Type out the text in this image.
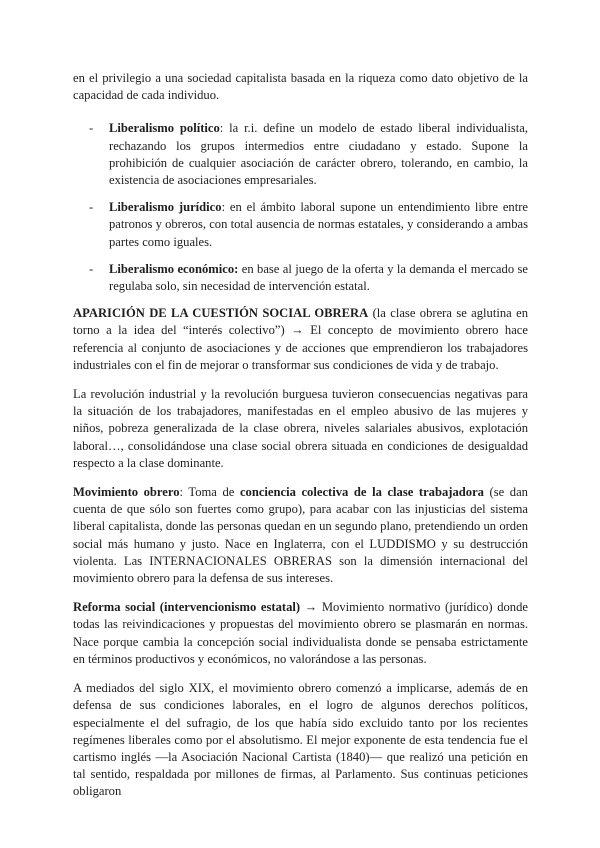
en el privilegio a una sociedad capitalista basada en la riqueza como dato objetivo de la capacidad de cada individuo.

- Liberalismo político: la r.i. define un modelo de estado liberal individualista, rechazando los grupos intermedios entre ciudadano y estado. Supone la prohibición de cualquier asociación de carácter obrero, tolerando, en cambio, la existencia de asociaciones empresariales.
- Liberalismo jurídico: en el ámbito laboral supone un entendimiento libre entre patronos y obreros, con total ausencia de normas estatales, y considerando a ambas partes como iguales.
- Liberalismo económico: en base al juego de la oferta y la demanda el mercado se regulaba solo, sin necesidad de intervención estatal.

APARICIÓN DE LA CUESTIÓN SOCIAL OBRERA (la clase obrera se aglutina en torno a la idea del “interés colectivo”) → El concepto de movimiento obrero hace referencia al conjunto de asociaciones y de acciones que emprendieron los trabajadores industriales con el fin de mejorar o transformar sus condiciones de vida y de trabajo.

La revolución industrial y la revolución burguesa tuvieron consecuencias negativas para la situación de los trabajadores, manifestadas en el empleo abusivo de las mujeres y niños, pobreza generalizada de la clase obrera, niveles salariales abusivos, explotación laboral…, consolidándose una clase social obrera situada en condiciones de desigualdad respecto a la clase dominante.

Movimiento obrero: Toma de conciencia colectiva de la clase trabajadora (se dan cuenta de que sólo son fuertes como grupo), para acabar con las injusticias del sistema liberal capitalista, donde las personas quedan en un segundo plano, pretendiendo un orden social más humano y justo. Nace en Inglaterra, con el LUDDISMO y su destrucción violenta. Las INTERNACIONALES OBRERAS son la dimensión internacional del movimiento obrero para la defensa de sus intereses.

Reforma social (intervencionismo estatal) → Movimiento normativo (jurídico) donde todas las reivindicaciones y propuestas del movimiento obrero se plasmarán en normas. Nace porque cambia la concepción social individualista donde se pensaba estrictamente en términos productivos y económicos, no valorándose a las personas.

A mediados del siglo XIX, el movimiento obrero comenzó a implicarse, además de en defensa de sus condiciones laborales, en el logro de algunos derechos políticos, especialmente el del sufragio, de los que había sido excluido tanto por los recientes regímenes liberales como por el absolutismo. El mejor exponente de esta tendencia fue el cartismo inglés —la Asociación Nacional Cartista (1840)— que realizó una petición en tal sentido, respaldada por millones de firmas, al Parlamento. Sus continuas peticiones obligaron
